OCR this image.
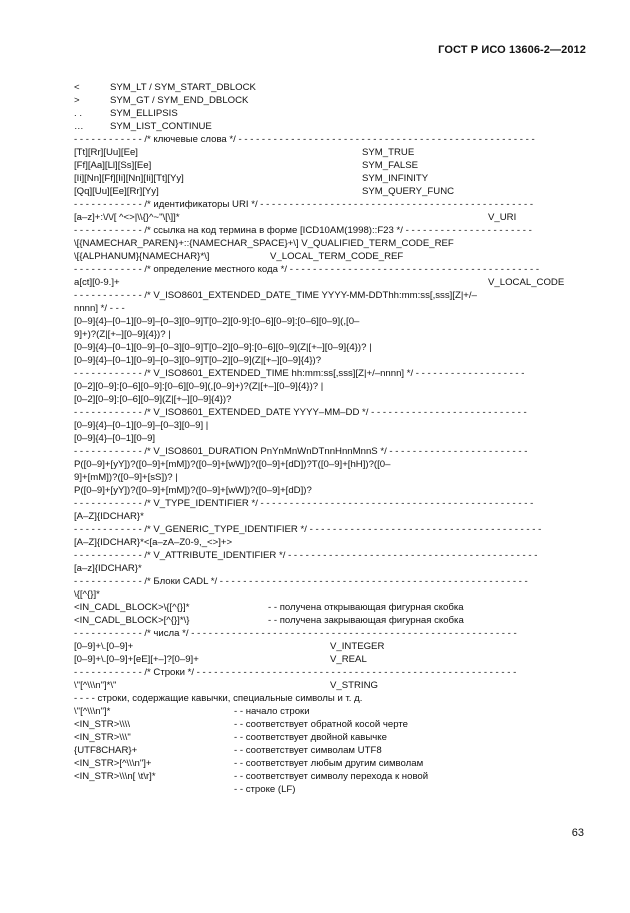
ГОСТ Р ИСО 13606-2—2012
<	SYM_LT / SYM_START_DBLOCK
>	SYM_GT / SYM_END_DBLOCK
. .	SYM_ELLIPSIS
…	SYM_LIST_CONTINUE
- - - - - - - - - - - - /* ключевые слова */ - - - - - - - - - - - - - - - - - - - - - - - - - - - - - - - - - - - - - - - - - - - - - - - - - - -
[Tt][Rr][Uu][Ee]	SYM_TRUE
[Ff][Aa][Ll][Ss][Ee]	SYM_FALSE
[Ii][Nn][Ff][Ii][Nn][Ii][Tt][Yy]	SYM_INFINITY
[Qq][Uu][Ee][Rr][Yy]	SYM_QUERY_FUNC
- - - - - - - - - - - - /* идентификаторы URI */ - - - - - - - - - - - - - - - - - - - - - - - - - - - - - - - - - - - - - - - - - - - - - - -
[a–z]+:\/\/[ ^<>|\\{}^~"\[\]]*	V_URI
- - - - - - - - - - - - /* ссылка на код термина в форме [ICD10AM(1998)::F23 */ - - - - - - - - - - - - - - - - - - - - - -
\[{NAMECHAR_PAREN}+::{NAMECHAR_SPACE}+\] V_QUALIFIED_TERM_CODE_REF
\[{ALPHANUM}{NAMECHAR}*\]	V_LOCAL_TERM_CODE_REF
- - - - - - - - - - - - /* определение местного кода */ - - - - - - - - - - - - - - - - - - - - - - - - - - - - - - - - - - - - - - - - - - -
a[ct][0-9.]+	V_LOCAL_CODE
- - - - - - - - - - - - /* V_ISO8601_EXTENDED_DATE_TIME YYYY-MM-DDThh:mm:ss[,sss][Z|+/–
nnnn] */ - - -
[0–9]{4}–[0–1][0–9]–[0–3][0–9]T[0–2][0-9]:[0–6][0–9]:[0–6][0–9](,[0–
9]+)?(Z|[+–][0–9]{4})? |
[0–9]{4}–[0–1][0–9]–[0–3][0–9]T[0–2][0–9]:[0–6][0–9](Z|[+–][0–9]{4})? |
[0–9]{4}–[0–1][0–9]–[0–3][0–9]T[0–2][0–9](Z|[+–][0–9]{4})?
- - - - - - - - - - - - /* V_ISO8601_EXTENDED_TIME hh:mm:ss[,sss][Z|+/–nnnn] */ - - - - - - - - - - - - - - - - - - -
[0–2][0–9]:[0–6][0–9]:[0–6][0–9](,[0–9]+)?(Z|[+–][0–9]{4})? |
[0–2][0–9]:[0–6][0–9](Z|[+–][0–9]{4})?
- - - - - - - - - - - - /* V_ISO8601_EXTENDED_DATE YYYY–MM–DD */ - - - - - - - - - - - - - - - - - - - - - - - - - - -
[0–9]{4}–[0–1][0–9]–[0–3][0–9] |
[0–9]{4}–[0–1][0–9]
- - - - - - - - - - - - /* V_ISO8601_DURATION PnYnMnWnDTnnHnnMnnS */ - - - - - - - - - - - - - - - - - - - - - - - -
P([0–9]+[yY])?([0–9]+[mM])?([0–9]+[wW])?([0–9]+[dD])?T([0–9]+[hH])?([0–
9]+[mM])?([0–9]+[sS])? |
P([0–9]+[yY])?([0–9]+[mM])?([0–9]+[wW])?([0–9]+[dD])?
- - - - - - - - - - - - /* V_TYPE_IDENTIFIER */ - - - - - - - - - - - - - - - - - - - - - - - - - - - - - - - - - - - - - - - - - - - - - - -
[A–Z]{IDCHAR}*
- - - - - - - - - - - - /* V_GENERIC_TYPE_IDENTIFIER */ - - - - - - - - - - - - - - - - - - - - - - - - - - - - - - - - - - - - - - - -
[A–Z]{IDCHAR}*<[a–zA–Z0-9,_<>]+>
- - - - - - - - - - - - /* V_ATTRIBUTE_IDENTIFIER */ - - - - - - - - - - - - - - - - - - - - - - - - - - - - - - - - - - - - - - - - - - -
[a–z]{IDCHAR}*
- - - - - - - - - - - - /* Блоки CADL */ - - - - - - - - - - - - - - - - - - - - - - - - - - - - - - - - - - - - - - - - - - - - - - - - - - - - -
\{[^{}]*
<IN_CADL_BLOCK>\{[^{}]*	- - получена открывающая фигурная скобка
<IN_CADL_BLOCK>[^{}]*\}	- - получена закрывающая фигурная скобка
- - - - - - - - - - - - /* числа */ - - - - - - - - - - - - - - - - - - - - - - - - - - - - - - - - - - - - - - - - - - - - - - - - - - - - - - - -
[0–9]+\.[0–9]+	V_INTEGER
[0–9]+\.[0–9]+[eE][+–]?[0–9]+	V_REAL
- - - - - - - - - - - - /* Строки */ - - - - - - - - - - - - - - - - - - - - - - - - - - - - - - - - - - - - - - - - - - - - - - - - - - - - - - -
\"[^\\\n"]*\"	V_STRING
- - - - строки, содержащие кавычки, специальные символы и т. д.
\"[^\\\n"]*	- - начало строки
<IN_STR>\\\\	- - соответствует обратной косой черте
<IN_STR>\\\"	- - соответствует двойной кавычке
{UTF8CHAR}+	- - соответствует символам UTF8
<IN_STR>[^\\\n"]+	- - соответствует любым другим символам
<IN_STR>\\\n[ \t\r]*	- - соответствует символу перехода к новой
- - строке (LF)
63
